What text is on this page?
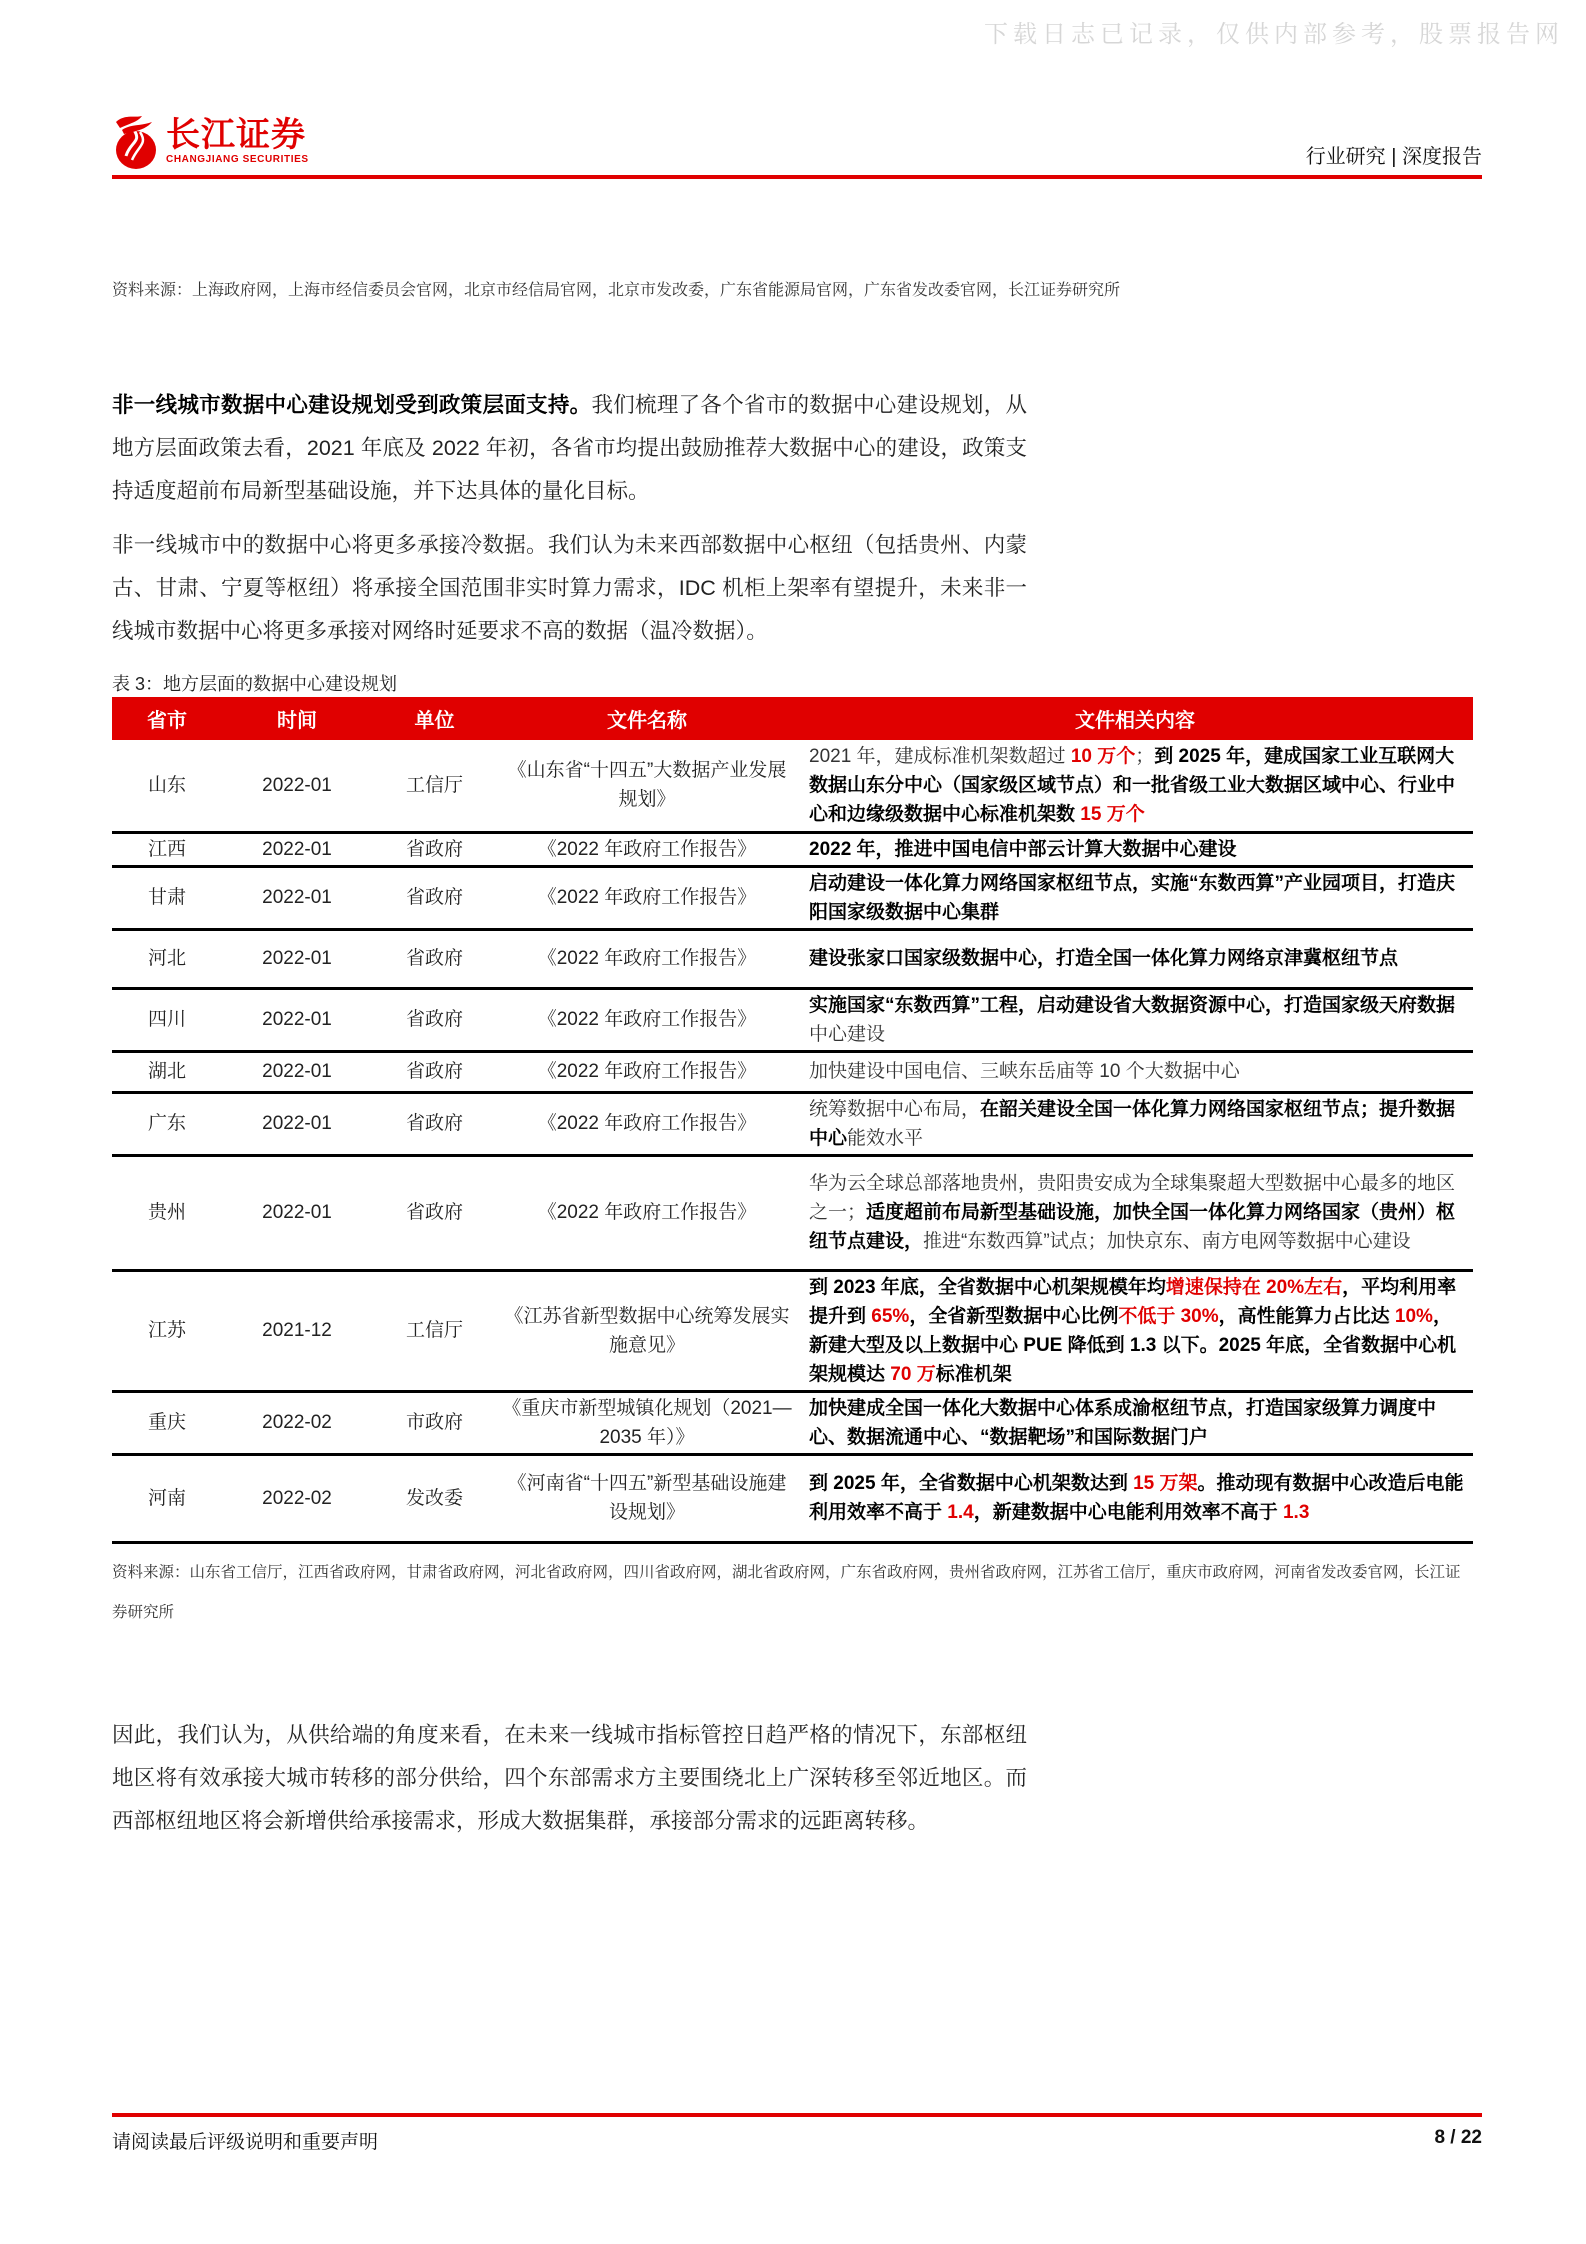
下载日志已记录，仅供内部参考，股票报告网
长江证券
CHANGJIANG SECURITIES	行业研究 | 深度报告
资料来源：上海政府网，上海市经信委员会官网，北京市经信局官网，北京市发改委，广东省能源局官网，广东省发改委官网，长江证券研究所
非一线城市数据中心建设规划受到政策层面支持。我们梳理了各个省市的数据中心建设规划，从地方层面政策去看，2021 年底及 2022 年初，各省市均提出鼓励推荐大数据中心的建设，政策支持适度超前布局新型基础设施，并下达具体的量化目标。
非一线城市中的数据中心将更多承接冷数据。我们认为未来西部数据中心枢纽（包括贵州、内蒙古、甘肃、宁夏等枢纽）将承接全国范围非实时算力需求，IDC 机柜上架率有望提升，未来非一线城市数据中心将更多承接对网络时延要求不高的数据（温冷数据）。
表 3：地方层面的数据中心建设规划
省市	时间	单位	文件名称	文件相关内容
山东	2022-01	工信厅	《山东省“十四五”大数据产业发展规划》	2021 年，建成标准机架数超过 10 万个；到 2025 年，建成国家工业互联网大数据山东分中心（国家级区域节点）和一批省级工业大数据区域中心、行业中心和边缘级数据中心标准机架数 15 万个
江西	2022-01	省政府	《2022 年政府工作报告》	2022 年，推进中国电信中部云计算大数据中心建设
甘肃	2022-01	省政府	《2022 年政府工作报告》	启动建设一体化算力网络国家枢纽节点，实施“东数西算”产业园项目，打造庆阳国家级数据中心集群
河北	2022-01	省政府	《2022 年政府工作报告》	建设张家口国家级数据中心，打造全国一体化算力网络京津冀枢纽节点
四川	2022-01	省政府	《2022 年政府工作报告》	实施国家“东数西算”工程，启动建设省大数据资源中心，打造国家级天府数据中心建设
湖北	2022-01	省政府	《2022 年政府工作报告》	加快建设中国电信、三峡东岳庙等 10 个大数据中心
广东	2022-01	省政府	《2022 年政府工作报告》	统筹数据中心布局，在韶关建设全国一体化算力网络国家枢纽节点；提升数据中心能效水平
贵州	2022-01	省政府	《2022 年政府工作报告》	华为云全球总部落地贵州，贵阳贵安成为全球集聚超大型数据中心最多的地区之一；适度超前布局新型基础设施，加快全国一体化算力网络国家（贵州）枢纽节点建设，推进“东数西算”试点；加快京东、南方电网等数据中心建设
江苏	2021-12	工信厅	《江苏省新型数据中心统筹发展实施意见》	到 2023 年底，全省数据中心机架规模年均增速保持在 20%左右，平均利用率提升到 65%，全省新型数据中心比例不低于 30%，高性能算力占比达 10%，新建大型及以上数据中心 PUE 降低到 1.3 以下。2025 年底，全省数据中心机架规模达 70 万标准机架
重庆	2022-02	市政府	《重庆市新型城镇化规划（2021—2035 年）》	加快建成全国一体化大数据中心体系成渝枢纽节点，打造国家级算力调度中心、数据流通中心、“数据靶场”和国际数据门户
河南	2022-02	发改委	《河南省“十四五”新型基础设施建设规划》	到 2025 年，全省数据中心机架数达到 15 万架。推动现有数据中心改造后电能利用效率不高于 1.4，新建数据中心电能利用效率不高于 1.3
资料来源：山东省工信厅，江西省政府网，甘肃省政府网，河北省政府网，四川省政府网，湖北省政府网，广东省政府网，贵州省政府网，江苏省工信厅，重庆市政府网，河南省发改委官网，长江证券研究所
因此，我们认为，从供给端的角度来看，在未来一线城市指标管控日趋严格的情况下，东部枢纽地区将有效承接大城市转移的部分供给，四个东部需求方主要围绕北上广深转移至邻近地区。而西部枢纽地区将会新增供给承接需求，形成大数据集群，承接部分需求的远距离转移。
请阅读最后评级说明和重要声明	8 / 22
